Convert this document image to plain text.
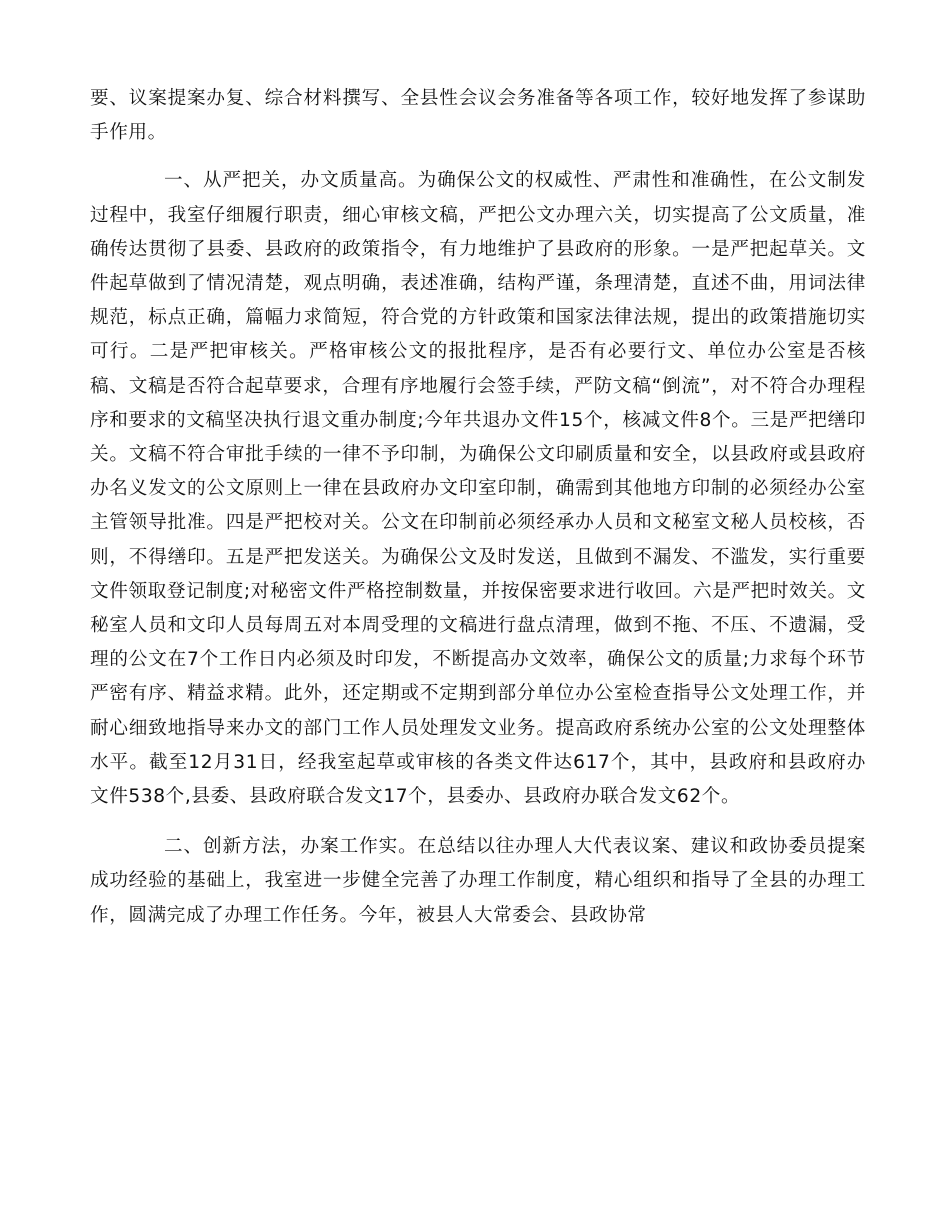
要、议案提案办复、综合材料撰写、全县性会议会务准备等各项工作，较好地发挥了参谋助手作用。

一、从严把关，办文质量高。为确保公文的权威性、严肃性和准确性，在公文制发过程中，我室仔细履行职责，细心审核文稿，严把公文办理六关，切实提高了公文质量，准确传达贯彻了县委、县政府的政策指令，有力地维护了县政府的形象。一是严把起草关。文件起草做到了情况清楚，观点明确，表述准确，结构严谨，条理清楚，直述不曲，用词法律规范，标点正确，篇幅力求简短，符合党的方针政策和国家法律法规，提出的政策措施切实可行。二是严把审核关。严格审核公文的报批程序，是否有必要行文、单位办公室是否核稿、文稿是否符合起草要求，合理有序地履行会签手续，严防文稿“倒流”，对不符合办理程序和要求的文稿坚决执行退文重办制度;今年共退办文件15个，核减文件8个。三是严把缮印关。文稿不符合审批手续的一律不予印制，为确保公文印刷质量和安全，以县政府或县政府办名义发文的公文原则上一律在县政府办文印室印制，确需到其他地方印制的必须经办公室主管领导批准。四是严把校对关。公文在印制前必须经承办人员和文秘室文秘人员校核，否则，不得缮印。五是严把发送关。为确保公文及时发送，且做到不漏发、不滥发，实行重要文件领取登记制度;对秘密文件严格控制数量，并按保密要求进行收回。六是严把时效关。文秘室人员和文印人员每周五对本周受理的文稿进行盘点清理，做到不拖、不压、不遗漏，受理的公文在7个工作日内必须及时印发，不断提高办文效率，确保公文的质量;力求每个环节严密有序、精益求精。此外，还定期或不定期到部分单位办公室检查指导公文处理工作，并耐心细致地指导来办文的部门工作人员处理发文业务。提高政府系统办公室的公文处理整体水平。截至12月31日，经我室起草或审核的各类文件达617个，其中，县政府和县政府办文件538个,县委、县政府联合发文17个，县委办、县政府办联合发文62个。

二、创新方法，办案工作实。在总结以往办理人大代表议案、建议和政协委员提案成功经验的基础上，我室进一步健全完善了办理工作制度，精心组织和指导了全县的办理工作，圆满完成了办理工作任务。今年，被县人大常委会、县政协常
